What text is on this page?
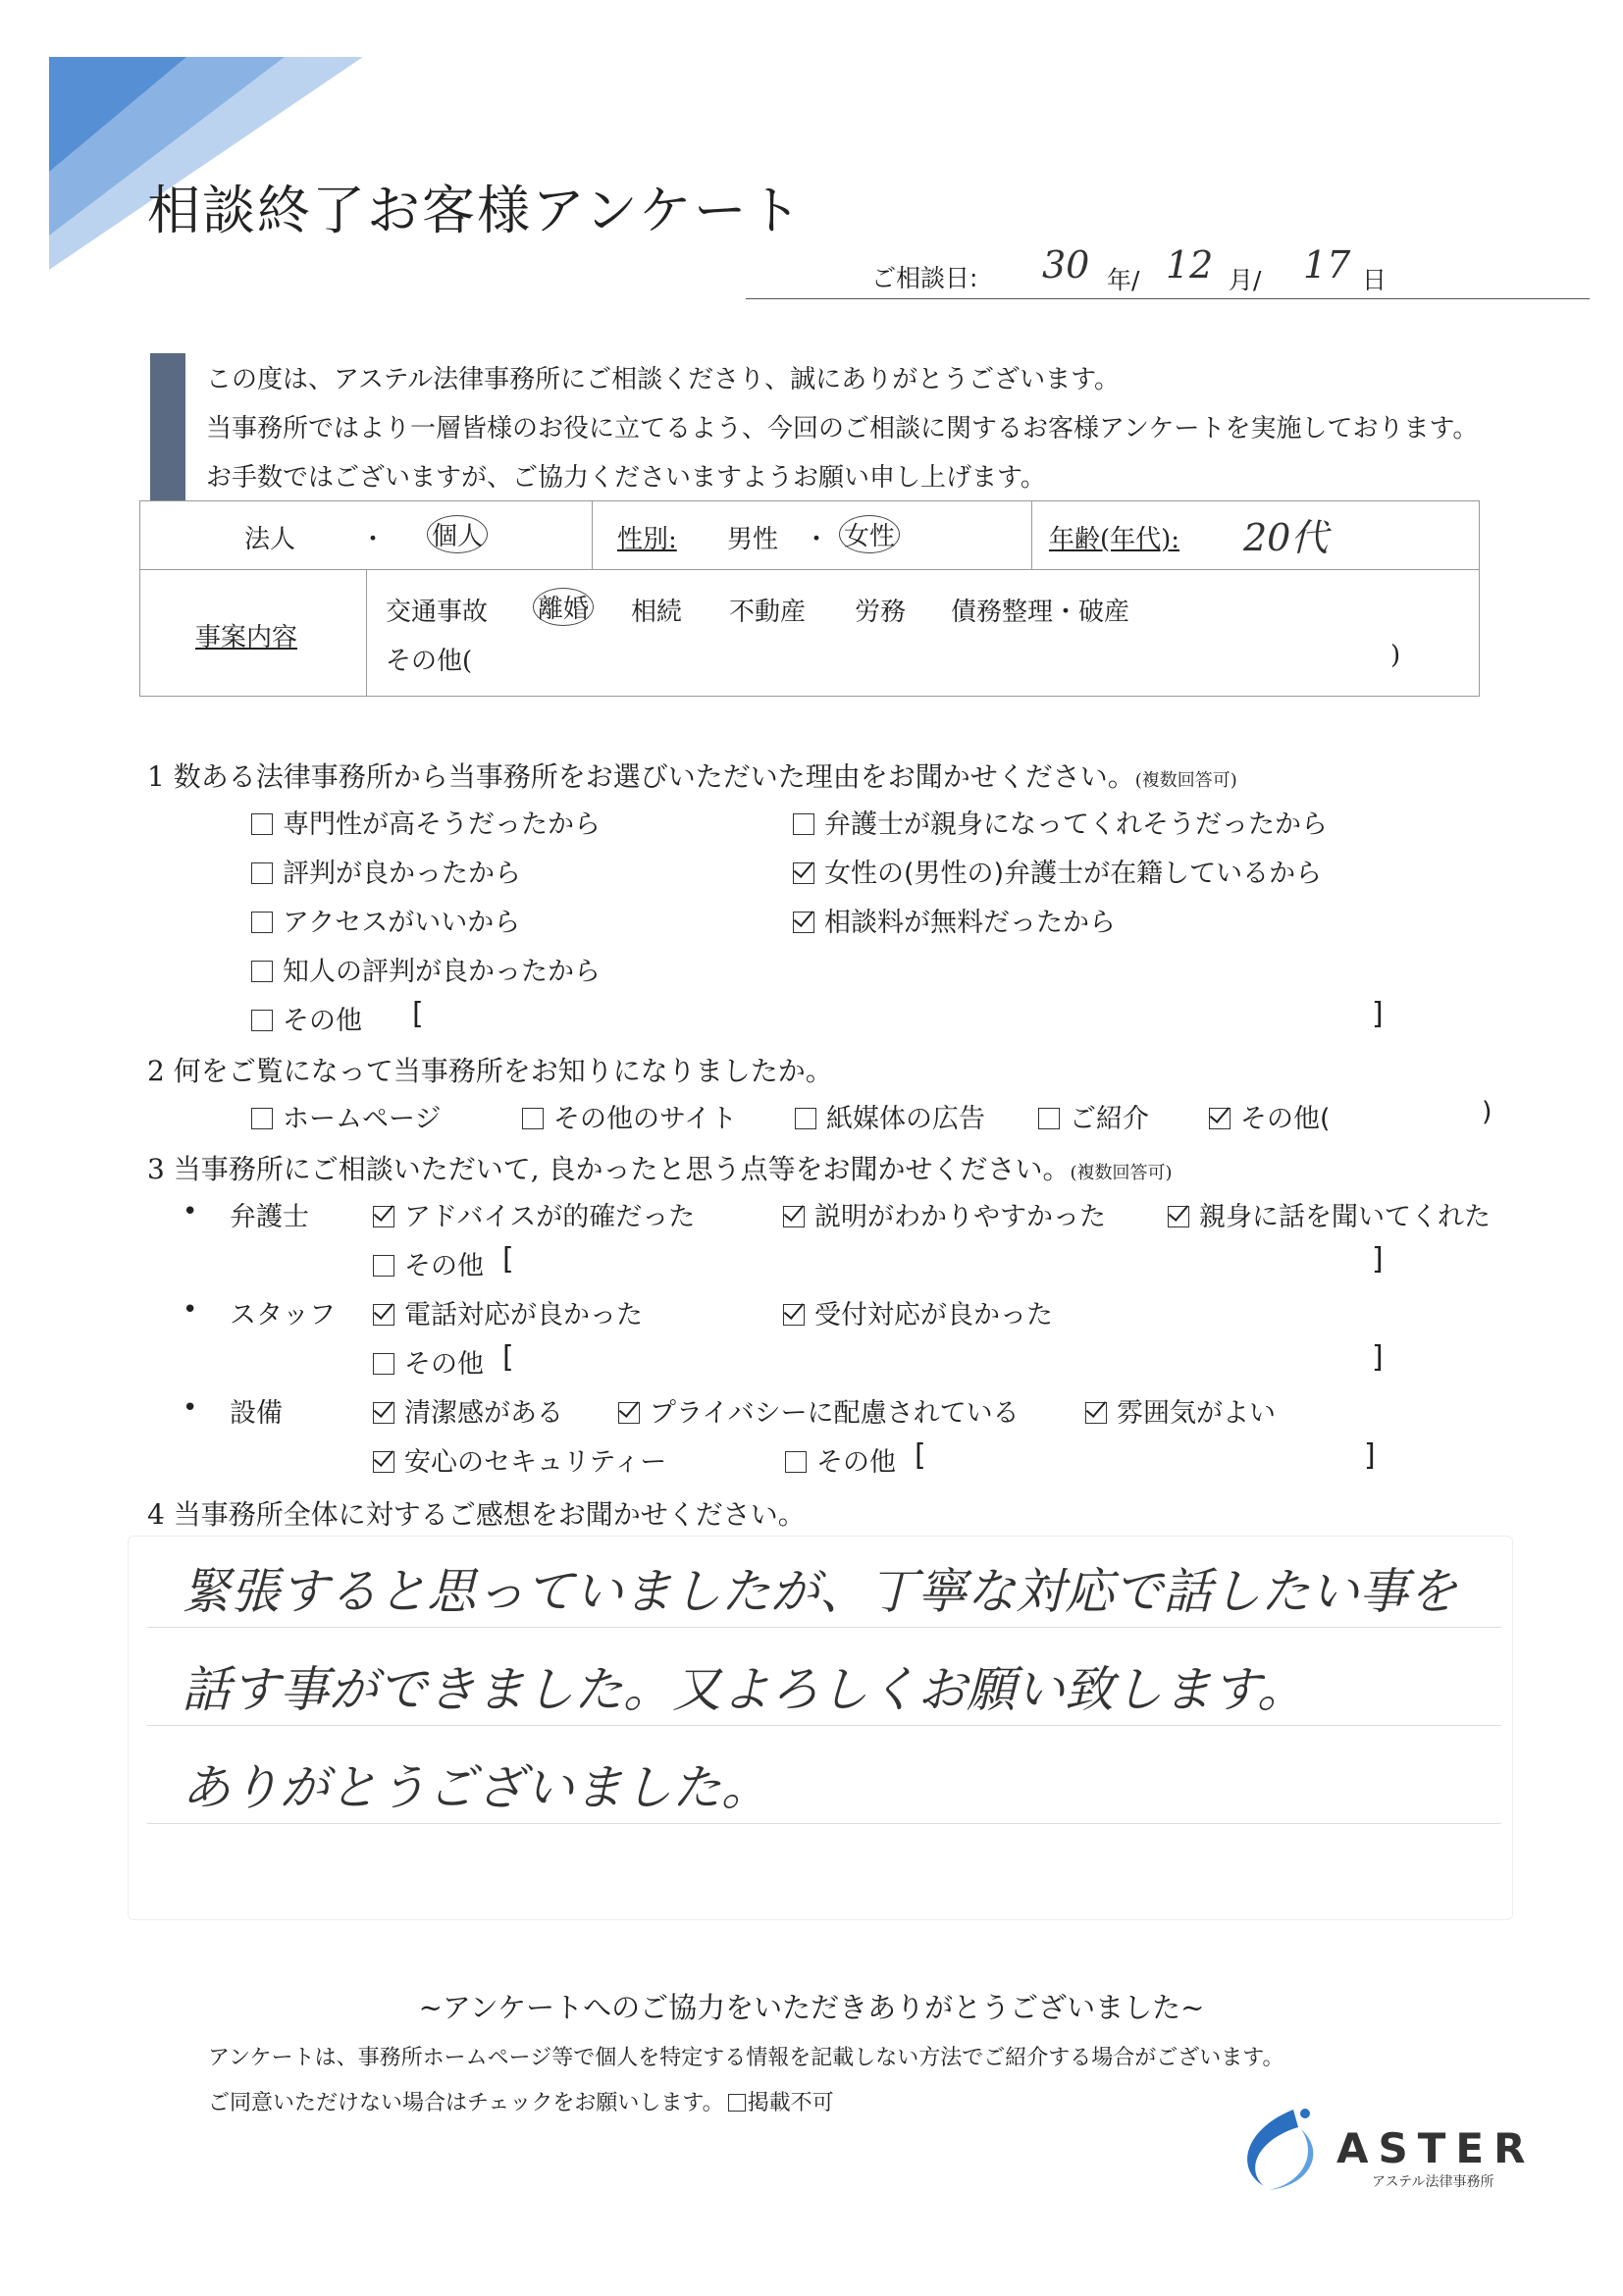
相談終了お客様アンケート
ご相談日: 30 年/ 12 月/ 17 日
この度は、アステル法律事務所にご相談くださり、誠にありがとうございます。
当事務所ではより一層皆様のお役に立てるよう、今回のご相談に関するお客様アンケートを実施しております。
お手数ではございますが、ご協力くださいますようお願い申し上げます。
法人	・ 個人	性別: 男性 ・ 女性	年齢(年代): 20代
事案内容
交通事故 離婚 相続 不動産 労務 債務整理・破産
その他(	)
1 数ある法律事務所から当事務所をお選びいただいた理由をお聞かせください。(複数回答可)
専門性が高そうだったから	弁護士が親身になってくれそうだったから
評判が良かったから	女性の(男性の)弁護士が在籍しているから
アクセスがいいから	相談料が無料だったから
知人の評判が良かったから
その他 [	]
2 何をご覧になって当事務所をお知りになりましたか。
ホームページ	その他のサイト	紙媒体の広告	ご紹介	その他(	)
3 当事務所にご相談いただいて, 良かったと思う点等をお聞かせください。(複数回答可)
• 弁護士	アドバイスが的確だった	説明がわかりやすかった	親身に話を聞いてくれた
その他 [	]
• スタッフ	電話対応が良かった	受付対応が良かった
その他 [	]
• 設備	清潔感がある	プライバシーに配慮されている	雰囲気がよい
安心のセキュリティー	その他 [	]
4 当事務所全体に対するご感想をお聞かせください。
緊張すると思っていましたが、丁寧な対応で話したい事を
話す事ができました。又よろしくお願い致します。
ありがとうございました。
~アンケートへのご協力をいただきありがとうございました~
アンケートは、事務所ホームページ等で個人を特定する情報を記載しない方法でご紹介する場合がございます。
ご同意いただけない場合はチェックをお願いします。 掲載不可
ASTER
アステル法律事務所
